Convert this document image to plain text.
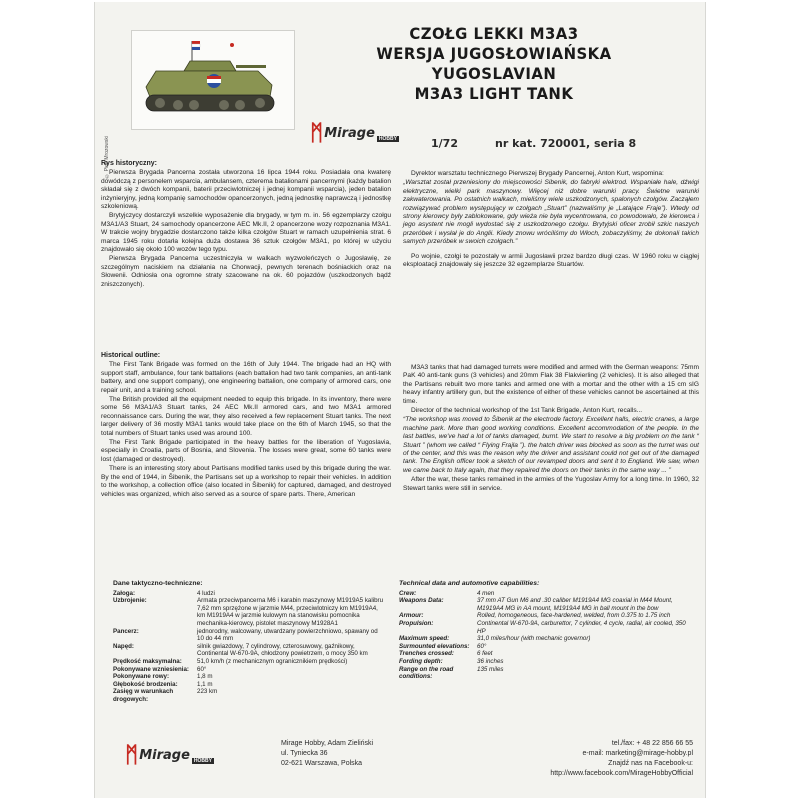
© Piotr Mrozowski
CZOŁG LEKKI M3A3
WERSJA JUGOSŁOWIAŃSKA
YUGOSLAVIAN
M3A3 LIGHT TANK
ᛗ Mirage HOBBY	1/72	nr kat. 720001, seria 8
Rys historyczny:

Pierwsza Brygada Pancerna została utworzona 16 lipca 1944 roku. Posiadała ona kwaterę dowódczą z personelem wsparcia, ambulansem, czterema batalionami pancernymi (każdy batalion składał się z dwóch kompanii, baterii przeciwlotniczej i jednej kompanii wsparcia), jeden batalion inżynieryjny, jedną kompanię samochodów opancerzonych, jedną jednostkę naprawczą i jednostkę szkoleniową.

Brytyjczycy dostarczyli wszelkie wyposażenie dla brygady, w tym m. in. 56 egzemplarzy czołgu M3A1/A3 Stuart, 24 samochody opancerzone AEC Mk.II, 2 opancerzone wozy rozpoznania M3A1. W trakcie wojny brygadzie dostarczono także kilka czołgów Stuart w ramach uzupełnienia strat. 6 marca 1945 roku dotarła kolejna duża dostawa 36 sztuk czołgów M3A1, po której w użyciu znajdowało się około 100 wozów tego typu.

Pierwsza Brygada Pancerna uczestniczyła w walkach wyzwoleńczych o Jugosławię, ze szczególnym naciskiem na działania na Chorwacji, pewnych terenach bośniackich oraz na Słowenii. Odniosła ona ogromne straty szacowane na ok. 60 pojazdów (uszkodzonych bądź zniszczonych).

Dyrektor warsztatu technicznego Pierwszej Brygady Pancernej, Anton Kurt, wspomina:

„Warsztat został przeniesiony do miejscowości Sibenik, do fabryki elektrod. Wspaniałe hale, dźwigi elektryczne, wielki park maszynowy. Więcej niż dobre warunki pracy. Świetne warunki zakwaterowania. Po ostatnich walkach, mieliśmy wiele uszkodzonych, spalonych czołgów. Zacząłem rozwiązywać problem występujący w czołgach „Stuart” (nazwaliśmy je „Latające Fraje”). Wtedy od strony kierowcy były zablokowane, gdy wieża nie była wycentrowana, co powodowało, że kierowca i jego asystent nie mogli wydostać się z uszkodzonego czołgu. Brytyjski oficer zrobił szkic naszych przeróbek i wysłał je do Anglii. Kiedy znowu wróciliśmy do Włoch, zobaczyliśmy, że dokonali takich samych przeróbek w swoich czołgach.”

Po wojnie, czołgi te pozostały w armii Jugosławii przez bardzo długi czas. W 1960 roku w ciągłej eksploatacji znajdowały się jeszcze 32 egzemplarze Stuartów.

Historical outline:

The First Tank Brigade was formed on the 16th of July 1944. The brigade had an HQ with support staff, ambulance, four tank battalions (each battalion had two tank companies, an anti-tank battery, and one support company), one engineering battalion, one company of armored cars, one repair unit, and a training school.

The British provided all the equipment needed to equip this brigade. In its inventory, there were some 56 M3A1/A3 Stuart tanks, 24 AEC Mk.II armored cars, and two M3A1 armored reconnaissance cars. During the war, they also received a few replacement Stuart tanks. The next larger delivery of 36 mostly M3A1 tanks would take place on the 6th of March 1945, so that the total numbers of Stuart tanks used was around 100.

The First Tank Brigade participated in the heavy battles for the liberation of Yugoslavia, especially in Croatia, parts of Bosnia, and Slovenia. The losses were great, some 60 tanks were lost (damaged or destroyed).

There is an interesting story about Partisans modified tanks used by this brigade during the war. By the end of 1944, in Šibenik, the Partisans set up a workshop to repair their vehicles. In addition to the workshop, a collection office (also located in Šibenik) for captured, damaged, and destroyed vehicles was organized, which also served as a source of spare parts. There, American

M3A3 tanks that had damaged turrets were modified and armed with the German weapons: 75mm PaK 40 anti-tank guns (3 vehicles) and 20mm Flak 38 Flakvierling (2 vehicles). It is also alleged that the Partisans rebuilt two more tanks and armed one with a mortar and the other with a 15 cm sIG heavy infantry artillery gun, but the existence of either of these vehicles cannot be ascertained at this time.

Director of the technical workshop of the 1st Tank Brigade, Anton Kurt, recalls...

“The workshop was moved to Šibenik at the electrode factory. Excellent halls, electric cranes, a large machine park. More than good working conditions. Excellent accommodation of the people. In the last battles, we've had a lot of tanks damaged, burnt. We start to resolve a big problem on the tank “ Stuart ” (whom we called “ Flying Frajla ”). the hatch driver was blocked as soon as the turret was out of the center, and this was the reason why the driver and assistant could not get out of the damaged tank. The English officer took a sketch of our revamped doors and sent it to England. We saw, when we came back to Italy again, that they repaired the doors on their tanks in the same way ... ”

After the war, these tanks remained in the armies of the Yugoslav Army for a long time. In 1960, 32 Stewart tanks were still in service.

Dane taktyczno-techniczne:
Załoga:	4 ludzi
Uzbrojenie:	Armata przeciwpancerna M6 i karabin maszynowy M1919A5 kalibru 7,62 mm sprzężone w jarzmie M44, przeciwlotniczy km M1919A4, km M1919A4 w jarzmie kulowym na stanowisku pomocnika mechanika-kierowcy, pistolet maszynowy M1928A1
Pancerz:	jednorodny, walcowany, utwardzany powierzchniowo, spawany od 10 do 44 mm
Napęd:	silnik gwiazdowy, 7 cylindrowy, czterosuwowy, gaźnikowy, Continental W-670-9A, chłodzony powietrzem, o mocy 350 km
Prędkość maksymalna:	51,0 km/h (z mechanicznym ogranicznikiem prędkości)
Pokonywane wzniesienia:	60°
Pokonywane rowy:	1,8 m
Głębokość brodzenia:	1,1 m
Zasięg w warunkach drogowych:
223 km
Technical data and automotive capabilities:
Crew:	4 men
Weapons Data:	37 mm AT Gun M6 and .30 caliber M1919A4 MG coaxial in M44 Mount, M1919A4 MG in AA mount, M1919A4 MG in ball mount in the bow
Armour:	Rolled, homogeneous, face-hardened, welded, from 0.375 to 1.75 inch
Propulsion:	Continental W-670-9A, carburettor, 7 cylinder, 4 cycle, radial, air cooled, 350 HP
Maximum speed:	31,0 miles/hour (with mechanic governor)
Surmounted elevations:	60°
Trenches crossed:	6 feet
Fording depth:	36 inches
Range on the road conditions:
135 miles
ᛗ Mirage HOBBY
Mirage Hobby, Adam Zieliński
ul. Tyniecka 36
02-621 Warszawa, Polska
tel./fax: + 48 22 856 66 55
e-mail: marketing@mirage-hobby.pl
Znajdź nas na Facebook-u:
http://www.facebook.com/MirageHobbyOfficial
